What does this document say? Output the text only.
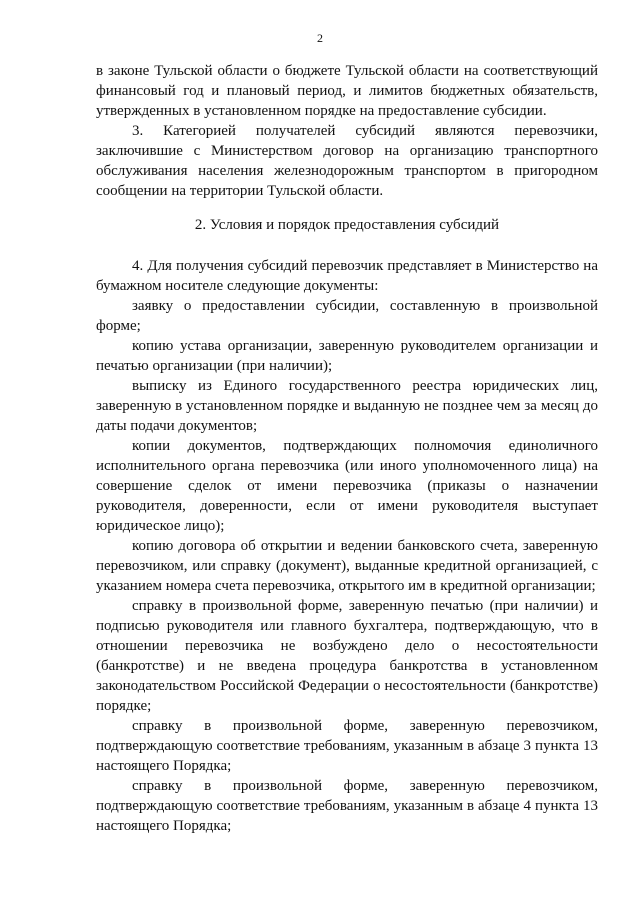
2

в законе Тульской области о бюджете Тульской области на соответствующий финансовый год и плановый период, и лимитов бюджетных обязательств, утвержденных в установленном порядке на предоставление субсидии.

3. Категорией получателей субсидий являются перевозчики, заключившие с Министерством договор на организацию транспортного обслуживания населения железнодорожным транспортом в пригородном сообщении на территории Тульской области.

2. Условия и порядок предоставления субсидий

4. Для получения субсидий перевозчик представляет в Министерство на бумажном носителе следующие документы:

заявку о предоставлении субсидии, составленную в произвольной форме;

копию устава организации, заверенную руководителем организации и печатью организации (при наличии);

выписку из Единого государственного реестра юридических лиц, заверенную в установленном порядке и выданную не позднее чем за месяц до даты подачи документов;

копии документов, подтверждающих полномочия единоличного исполнительного органа перевозчика (или иного уполномоченного лица) на совершение сделок от имени перевозчика (приказы о назначении руководителя, доверенности, если от имени руководителя выступает юридическое лицо);

копию договора об открытии и ведении банковского счета, заверенную перевозчиком, или справку (документ), выданные кредитной организацией, с указанием номера счета перевозчика, открытого им в кредитной организации;

справку в произвольной форме, заверенную печатью (при наличии) и подписью руководителя или главного бухгалтера, подтверждающую, что в отношении перевозчика не возбуждено дело о несостоятельности (банкротстве) и не введена процедура банкротства в установленном законодательством Российской Федерации о несостоятельности (банкротстве) порядке;

справку в произвольной форме, заверенную перевозчиком, подтверждающую соответствие требованиям, указанным в абзаце 3 пункта 13 настоящего Порядка;

справку в произвольной форме, заверенную перевозчиком, подтверждающую соответствие требованиям, указанным в абзаце 4 пункта 13 настоящего Порядка;
